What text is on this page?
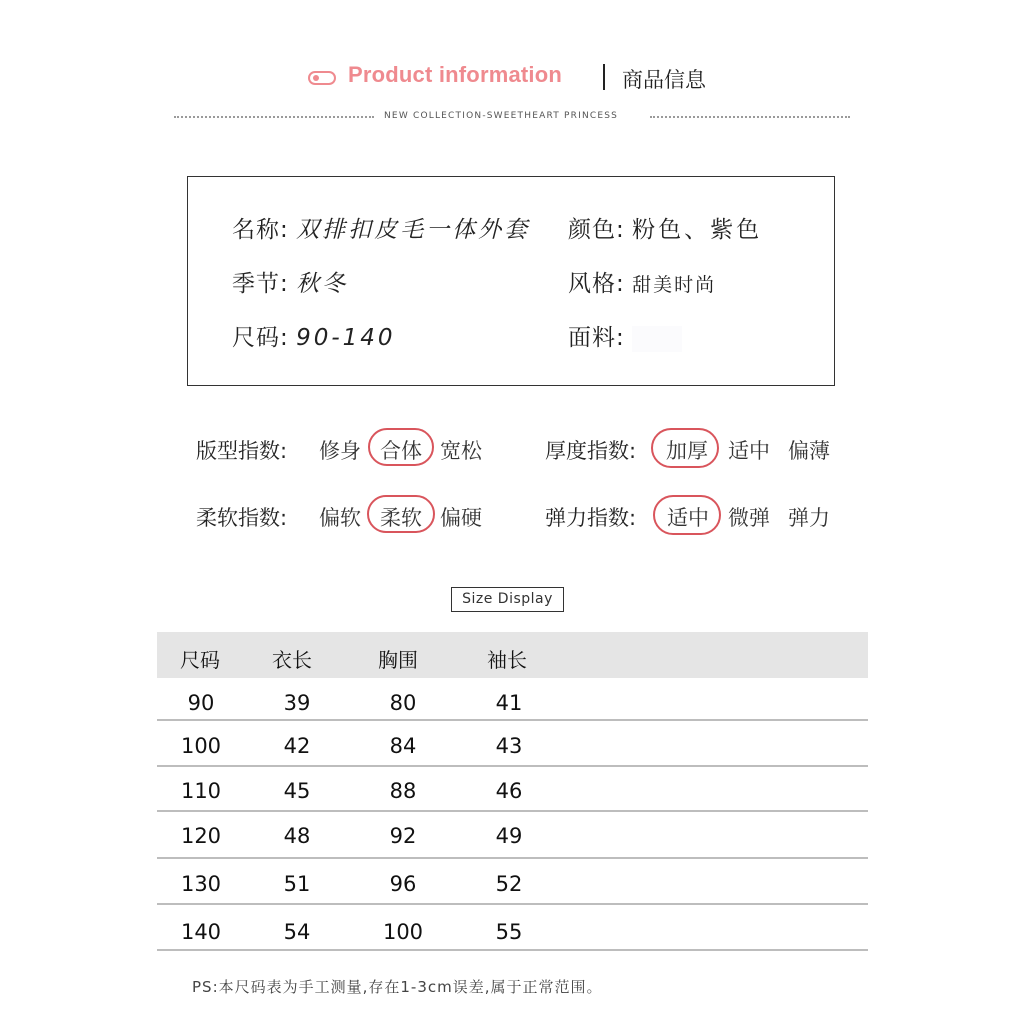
Product information	商品信息
NEW COLLECTION-SWEETHEART PRINCESS
名称: 双排扣皮毛一体外套 颜色: 粉色、紫色
季节: 秋冬	风格: 甜美时尚
尺码: 90-140	面料:
版型指数: 修身 合体 宽松	厚度指数: 加厚 适中 偏薄
柔软指数: 偏软 柔软 偏硬	弹力指数: 适中 微弹 弹力
Size Display
尺码	衣长	胸围	袖长
90	39	80	41
100	42	84	43
110	45	88	46
120	48	92	49
130	51	96	52
140	54	100	55
PS:本尺码表为手工测量,存在1-3cm误差,属于正常范围。
